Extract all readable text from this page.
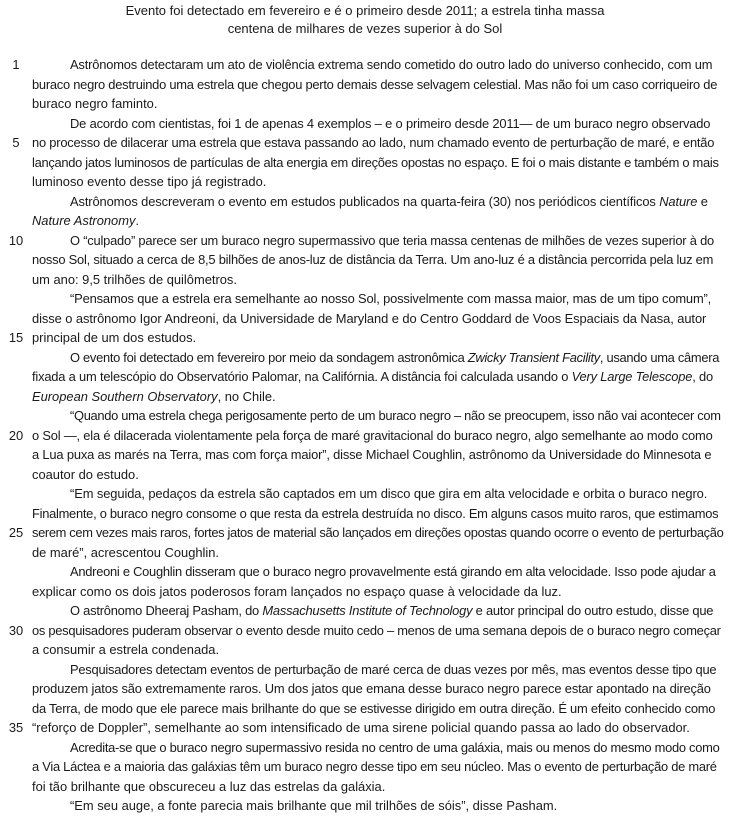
Evento foi detectado em fevereiro e é o primeiro desde 2011; a estrela tinha massa
centena de milhares de vezes superior à do Sol
1	Astrônomos detectaram um ato de violência extrema sendo cometido do outro lado do universo conhecido, com um
buraco negro destruindo uma estrela que chegou perto demais desse selvagem celestial. Mas não foi um caso corriqueiro de
buraco negro faminto.
De acordo com cientistas, foi 1 de apenas 4 exemplos – e o primeiro desde 2011— de um buraco negro observado
5 no processo de dilacerar uma estrela que estava passando ao lado, num chamado evento de perturbação de maré, e então
lançando jatos luminosos de partículas de alta energia em direções opostas no espaço. E foi o mais distante e também o mais
luminoso evento desse tipo já registrado.
Astrônomos descreveram o evento em estudos publicados na quarta-feira (30) nos periódicos científicos Nature e
Nature Astronomy.
10	O “culpado” parece ser um buraco negro supermassivo que teria massa centenas de milhões de vezes superior à do
nosso Sol, situado a cerca de 8,5 bilhões de anos-luz de distância da Terra. Um ano-luz é a distância percorrida pela luz em
um ano: 9,5 trilhões de quilômetros.
“Pensamos que a estrela era semelhante ao nosso Sol, possivelmente com massa maior, mas de um tipo comum”,
disse o astrônomo Igor Andreoni, da Universidade de Maryland e do Centro Goddard de Voos Espaciais da Nasa, autor
15 principal de um dos estudos.
O evento foi detectado em fevereiro por meio da sondagem astronômica Zwicky Transient Facility, usando uma câmera
fixada a um telescópio do Observatório Palomar, na Califórnia. A distância foi calculada usando o Very Large Telescope, do
European Southern Observatory, no Chile.
“Quando uma estrela chega perigosamente perto de um buraco negro – não se preocupem, isso não vai acontecer com
20 o Sol —, ela é dilacerada violentamente pela força de maré gravitacional do buraco negro, algo semelhante ao modo como
a Lua puxa as marés na Terra, mas com força maior”, disse Michael Coughlin, astrônomo da Universidade do Minnesota e
coautor do estudo.
“Em seguida, pedaços da estrela são captados em um disco que gira em alta velocidade e orbita o buraco negro.
Finalmente, o buraco negro consome o que resta da estrela destruída no disco. Em alguns casos muito raros, que estimamos
25 serem cem vezes mais raros, fortes jatos de material são lançados em direções opostas quando ocorre o evento de perturbação
de maré”, acrescentou Coughlin.
Andreoni e Coughlin disseram que o buraco negro provavelmente está girando em alta velocidade. Isso pode ajudar a
explicar como os dois jatos poderosos foram lançados no espaço quase à velocidade da luz.
O astrônomo Dheeraj Pasham, do Massachusetts Institute of Technology e autor principal do outro estudo, disse que
30 os pesquisadores puderam observar o evento desde muito cedo – menos de uma semana depois de o buraco negro começar
a consumir a estrela condenada.
Pesquisadores detectam eventos de perturbação de maré cerca de duas vezes por mês, mas eventos desse tipo que
produzem jatos são extremamente raros. Um dos jatos que emana desse buraco negro parece estar apontado na direção
da Terra, de modo que ele parece mais brilhante do que se estivesse dirigido em outra direção. É um efeito conhecido como
35 “reforço de Doppler”, semelhante ao som intensificado de uma sirene policial quando passa ao lado do observador.
Acredita-se que o buraco negro supermassivo resida no centro de uma galáxia, mais ou menos do mesmo modo como
a Via Láctea e a maioria das galáxias têm um buraco negro desse tipo em seu núcleo. Mas o evento de perturbação de maré
foi tão brilhante que obscureceu a luz das estrelas da galáxia.
“Em seu auge, a fonte parecia mais brilhante que mil trilhões de sóis”, disse Pasham.
